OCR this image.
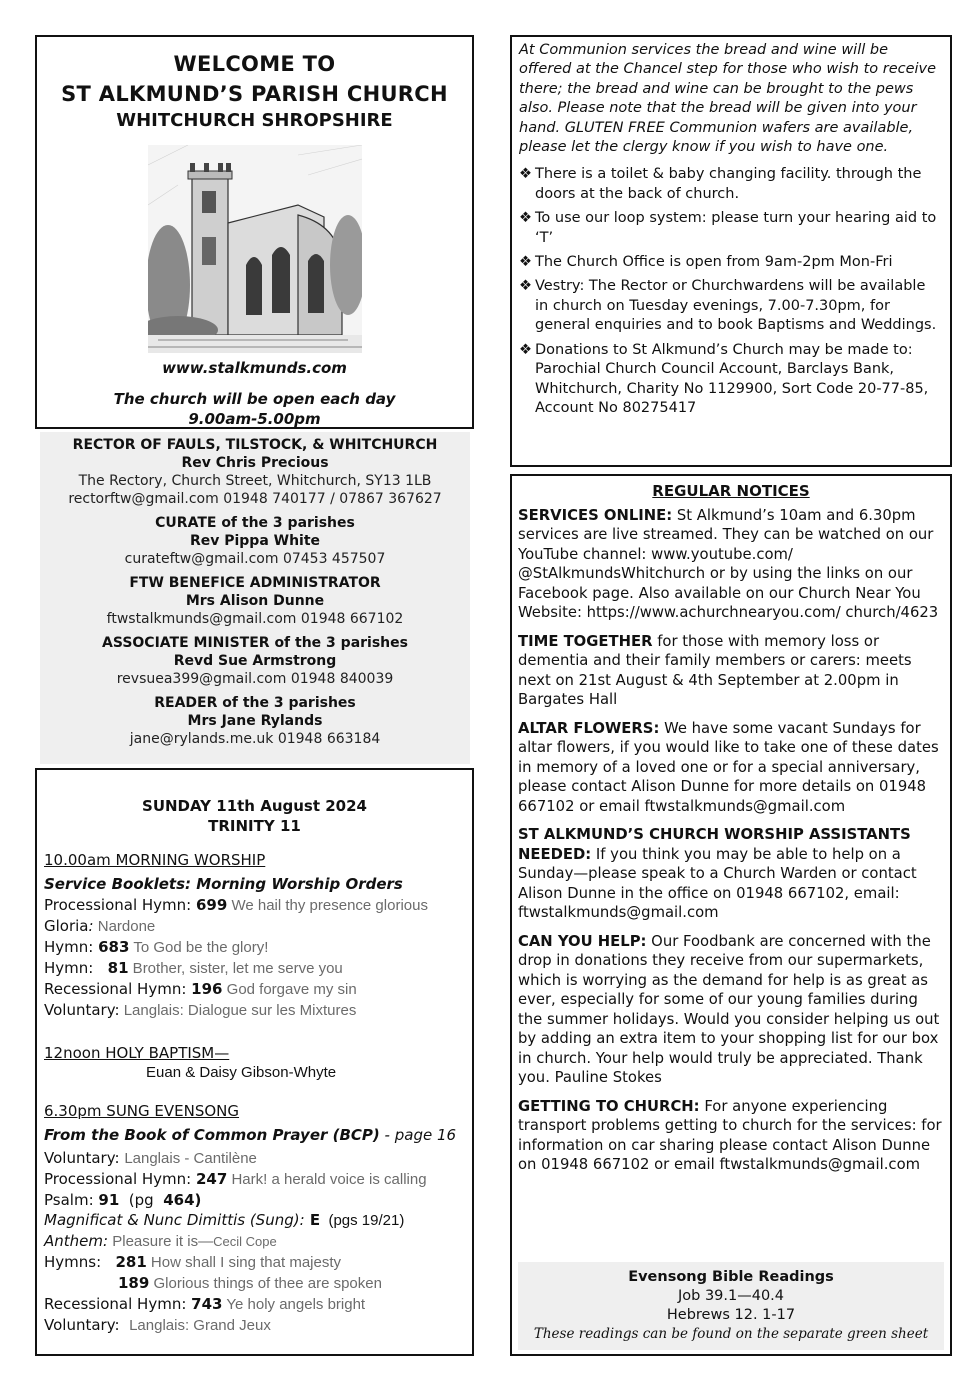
WELCOME TO
ST ALKMUND’S PARISH CHURCH
WHITCHURCH SHROPSHIRE
www.stalkmunds.com
The church will be open each day
9.00am-5.00pm
RECTOR OF FAULS, TILSTOCK, & WHITCHURCH
Rev Chris Precious
The Rectory, Church Street, Whitchurch, SY13 1LB
rectorftw@gmail.com 01948 740177 / 07867 367627
CURATE of the 3 parishes
Rev Pippa White
curateftw@gmail.com 07453 457507
FTW BENEFICE ADMINISTRATOR
Mrs Alison Dunne
ftwstalkmunds@gmail.com 01948 667102
ASSOCIATE MINISTER of the 3 parishes
Revd Sue Armstrong
revsuea399@gmail.com 01948 840039
READER of the 3 parishes
Mrs Jane Rylands
jane@rylands.me.uk 01948 663184
SUNDAY 11th August 2024
TRINITY 11
10.00am MORNING WORSHIP
Service Booklets: Morning Worship Orders
Processional Hymn: 699 We hail thy presence glorious
Gloria: Nardone
Hymn: 683 To God be the glory!
Hymn:   81 Brother, sister, let me serve you
Recessional Hymn: 196 God forgave my sin
Voluntary: Langlais: Dialogue sur les Mixtures
12noon HOLY BAPTISM—
Euan & Daisy Gibson-Whyte
6.30pm SUNG EVENSONG
From the Book of Common Prayer (BCP) - page 16
Voluntary: Langlais - Cantilène
Processional Hymn: 247 Hark! a herald voice is calling
Psalm: 91  (pg  464)
Magnificat & Nunc Dimittis (Sung): E  (pgs 19/21)
Anthem: Pleasure it is—Cecil Cope
Hymns:   281 How shall I sing that majesty
189 Glorious things of thee are spoken
Recessional Hymn: 743 Ye holy angels bright
Voluntary:  Langlais: Grand Jeux
At Communion services the bread and wine will be offered at the Chancel step for those who wish to receive there; the bread and wine can be brought to the pews also. Please note that the bread will be given into your hand. GLUTEN FREE Communion wafers are available, please let the clergy know if you wish to have one.
❖ There is a toilet & baby changing facility. through the doors at the back of church.
❖ To use our loop system: please turn your hearing aid to ‘T’
❖ The Church Office is open from 9am-2pm Mon-Fri
❖ Vestry: The Rector or Churchwardens will be available in church on Tuesday evenings, 7.00-7.30pm, for general enquiries and to book Baptisms and Weddings.
❖ Donations to St Alkmund’s Church may be made to: Parochial Church Council Account, Barclays Bank, Whitchurch, Charity No 1129900, Sort Code 20-77-85, Account No 80275417
REGULAR NOTICES
SERVICES ONLINE: St Alkmund’s 10am and 6.30pm services are live streamed. They can be watched on our YouTube channel: www.youtube.com/ @StAlkmundsWhitchurch or by using the links on our Facebook page. Also available on our Church Near You Website: https://www.achurchnearyou.com/ church/4623
TIME TOGETHER for those with memory loss or dementia and their family members or carers: meets next on 21st August & 4th September at 2.00pm in Bargates Hall
ALTAR FLOWERS: We have some vacant Sundays for altar flowers, if you would like to take one of these dates in memory of a loved one or for a special anniversary, please contact Alison Dunne for more details on 01948 667102 or email ftwstalkmunds@gmail.com
ST ALKMUND’S CHURCH WORSHIP ASSISTANTS NEEDED: If you think you may be able to help on a Sunday—please speak to a Church Warden or contact Alison Dunne in the office on 01948 667102, email: ftwstalkmunds@gmail.com
CAN YOU HELP: Our Foodbank are concerned with the drop in donations they receive from our supermarkets, which is worrying as the demand for help is as great as ever, especially for some of our young families during the summer holidays. Would you consider helping us out by adding an extra item to your shopping list for our box in church. Your help would truly be appreciated. Thank you. Pauline Stokes
GETTING TO CHURCH: For anyone experiencing transport problems getting to church for the services: for information on car sharing please contact Alison Dunne on 01948 667102 or email ftwstalkmunds@gmail.com
Evensong Bible Readings
Job 39.1—40.4
Hebrews 12. 1-17
These readings can be found on the separate green sheet
